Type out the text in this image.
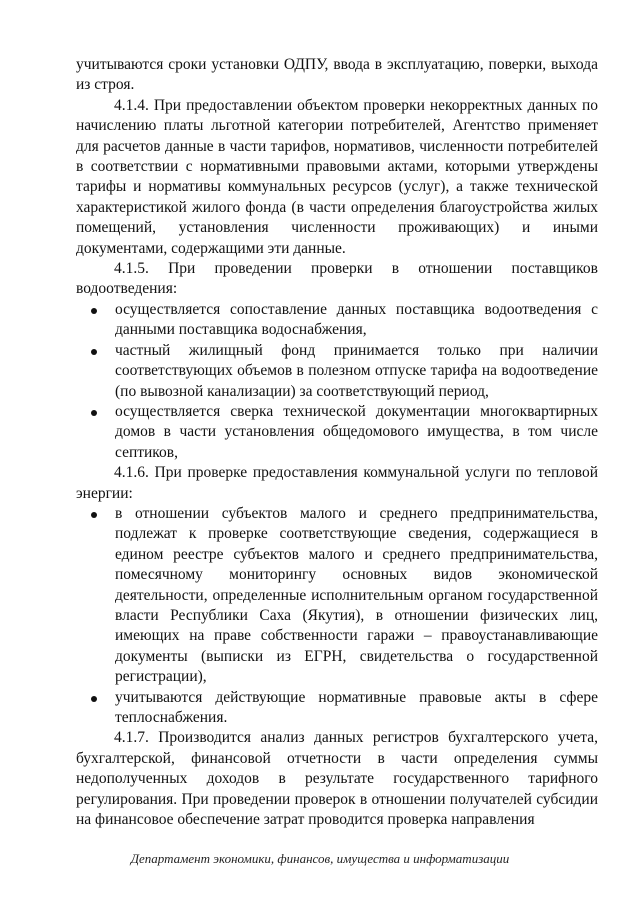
учитываются сроки установки ОДПУ, ввода в эксплуатацию, поверки, выхода из строя.

4.1.4. При предоставлении объектом проверки некорректных данных по начислению платы льготной категории потребителей, Агентство применяет для расчетов данные в части тарифов, нормативов, численности потребителей в соответствии с нормативными правовыми актами, которыми утверждены тарифы и нормативы коммунальных ресурсов (услуг), а также технической характеристикой жилого фонда (в части определения благоустройства жилых помещений, установления численности проживающих) и иными документами, содержащими эти данные.

4.1.5. При проведении проверки в отношении поставщиков водоотведения:

осуществляется сопоставление данных поставщика водоотведения с данными поставщика водоснабжения,
частный жилищный фонд принимается только при наличии соответствующих объемов в полезном отпуске тарифа на водоотведение (по вывозной канализации) за соответствующий период,
осуществляется сверка технической документации многоквартирных домов в части установления общедомового имущества, в том числе септиков,

4.1.6. При проверке предоставления коммунальной услуги по тепловой энергии:

в отношении субъектов малого и среднего предпринимательства, подлежат к проверке соответствующие сведения, содержащиеся в едином реестре субъектов малого и среднего предпринимательства, помесячному мониторингу основных видов экономической деятельности, определенные исполнительным органом государственной власти Республики Саха (Якутия), в отношении физических лиц, имеющих на праве собственности гаражи – правоустанавливающие документы (выписки из ЕГРН, свидетельства о государственной регистрации),
учитываются действующие нормативные правовые акты в сфере теплоснабжения.

4.1.7. Производится анализ данных регистров бухгалтерского учета, бухгалтерской, финансовой отчетности в части определения суммы недополученных доходов в результате государственного тарифного регулирования. При проведении проверок в отношении получателей субсидии на финансовое обеспечение затрат проводится проверка направления

Департамент экономики, финансов, имущества и информатизации
